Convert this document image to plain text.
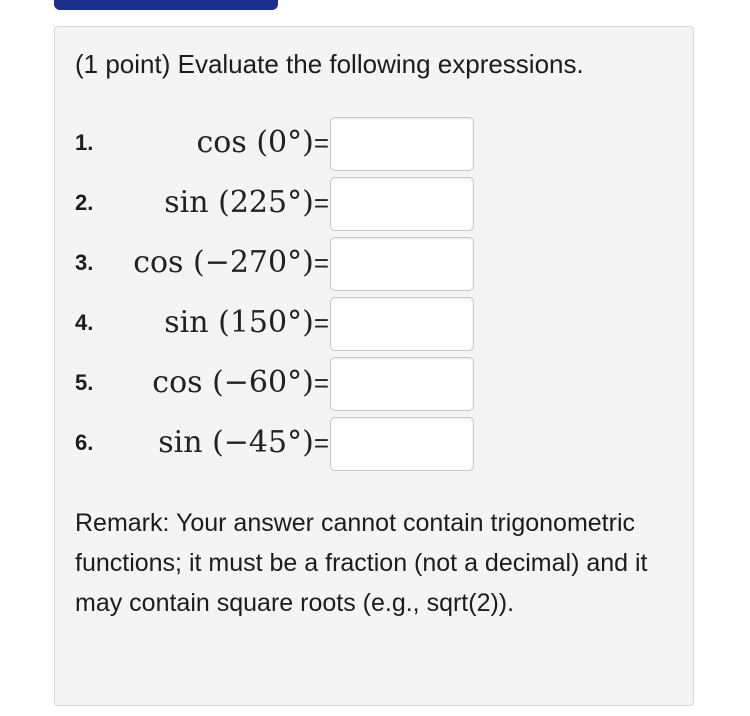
(1 point) Evaluate the following expressions.
1.	cos (0°)=
2. sin (225°)=
3. cos (−270°)=
4. sin (150°)=
5. cos (−60°)=
6. sin (−45°)=
Remark: Your answer cannot contain trigonometric functions; it must be a fraction (not a decimal) and it may contain square roots (e.g., sqrt(2)).
